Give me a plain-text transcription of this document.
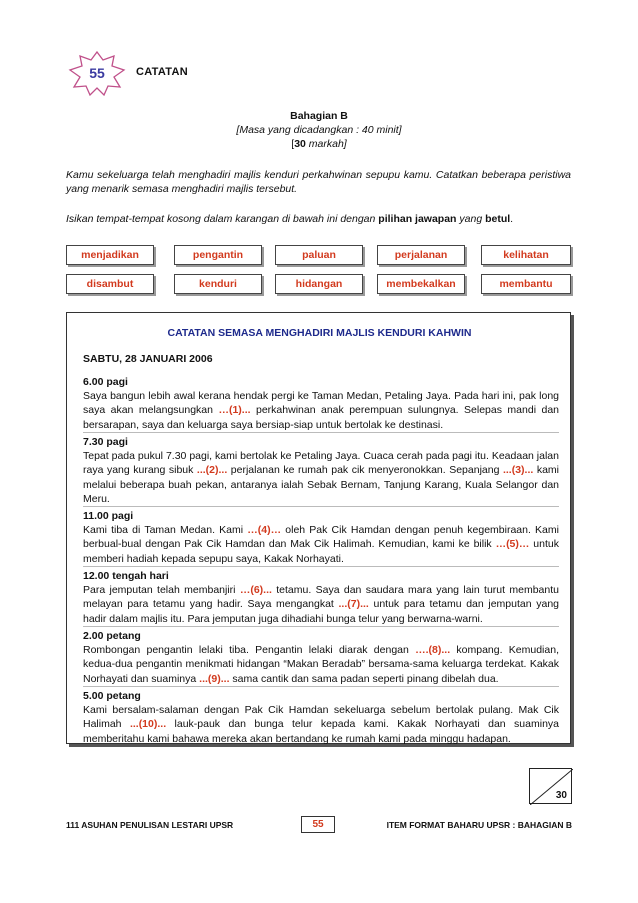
55	CATATAN
Bahagian B
[Masa yang dicadangkan : 40 minit]
[30 markah]
Kamu sekeluarga telah menghadiri majlis kenduri perkahwinan sepupu kamu. Catatkan beberapa peristiwa yang menarik semasa menghadiri majlis tersebut.
Isikan tempat-tempat kosong dalam karangan di bawah ini dengan pilihan jawapan yang betul.
menjadikan	pengantin	paluan	perjalanan	kelihatan
disambut	kenduri	hidangan	membekalkan	membantu
CATATAN SEMASA MENGHADIRI MAJLIS KENDURI KAHWIN
SABTU, 28 JANUARI 2006
6.00 pagi

Saya bangun lebih awal kerana hendak pergi ke Taman Medan, Petaling Jaya. Pada hari ini, pak long saya akan melangsungkan …(1)... perkahwinan anak perempuan sulungnya. Selepas mandi dan bersarapan, saya dan keluarga saya bersiap-siap untuk bertolak ke destinasi.

7.30 pagi

Tepat pada pukul 7.30 pagi, kami bertolak ke Petaling Jaya. Cuaca cerah pada pagi itu. Keadaan jalan raya yang kurang sibuk ...(2)... perjalanan ke rumah pak cik menyeronokkan. Sepanjang ...(3)... kami melalui beberapa buah pekan, antaranya ialah Sebak Bernam, Tanjung Karang, Kuala Selangor dan Meru.

11.00 pagi

Kami tiba di Taman Medan. Kami …(4)… oleh Pak Cik Hamdan dengan penuh kegembiraan. Kami berbual-bual dengan Pak Cik Hamdan dan Mak Cik Halimah. Kemudian, kami ke bilik …(5)… untuk memberi hadiah kepada sepupu saya, Kakak Norhayati.

12.00 tengah hari

Para jemputan telah membanjiri …(6)... tetamu. Saya dan saudara mara yang lain turut membantu melayan para tetamu yang hadir. Saya mengangkat ...(7)... untuk para tetamu dan jemputan yang hadir dalam majlis itu. Para jemputan juga dihadiahi bunga telur yang berwarna-warni.

2.00 petang

Rombongan pengantin lelaki tiba. Pengantin lelaki diarak dengan ….(8)... kompang. Kemudian, kedua-dua pengantin menikmati hidangan “Makan Beradab” bersama-sama keluarga terdekat. Kakak Norhayati dan suaminya ...(9)... sama cantik dan sama padan seperti pinang dibelah dua.

5.00 petang

Kami bersalam-salaman dengan Pak Cik Hamdan sekeluarga sebelum bertolak pulang. Mak Cik Halimah ...(10)... lauk-pauk dan bunga telur kepada kami. Kakak Norhayati dan suaminya memberitahu kami bahawa mereka akan bertandang ke rumah kami pada minggu hadapan.

30
111 ASUHAN PENULISAN LESTARI UPSR	55	ITEM FORMAT BAHARU UPSR : BAHAGIAN B
